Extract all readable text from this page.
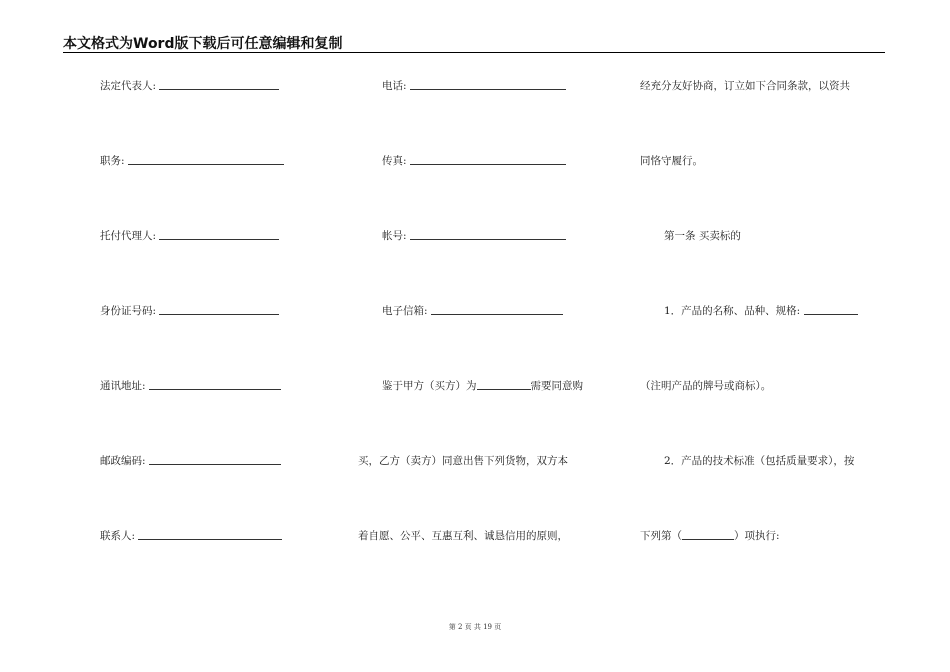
本文格式为Word版下载后可任意编辑和复制
法定代表人:
职务:
托付代理人:
身份证号码:
通讯地址:
邮政编码:
联系人:
电话:
传真:
帐号:
电子信箱:
鉴于甲方（买方）为	需要同意购
买，乙方（卖方）同意出售下列货物，双方本
着自愿、公平、互惠互利、诚恳信用的原则，
经充分友好协商，订立如下合同条款，以资共
同恪守履行。
第一条 买卖标的
1．产品的名称、品种、规格:
（注明产品的牌号或商标）。
2．产品的技术标准（包括质量要求），按
下列第（	）项执行:
第 2 页 共 19 页
